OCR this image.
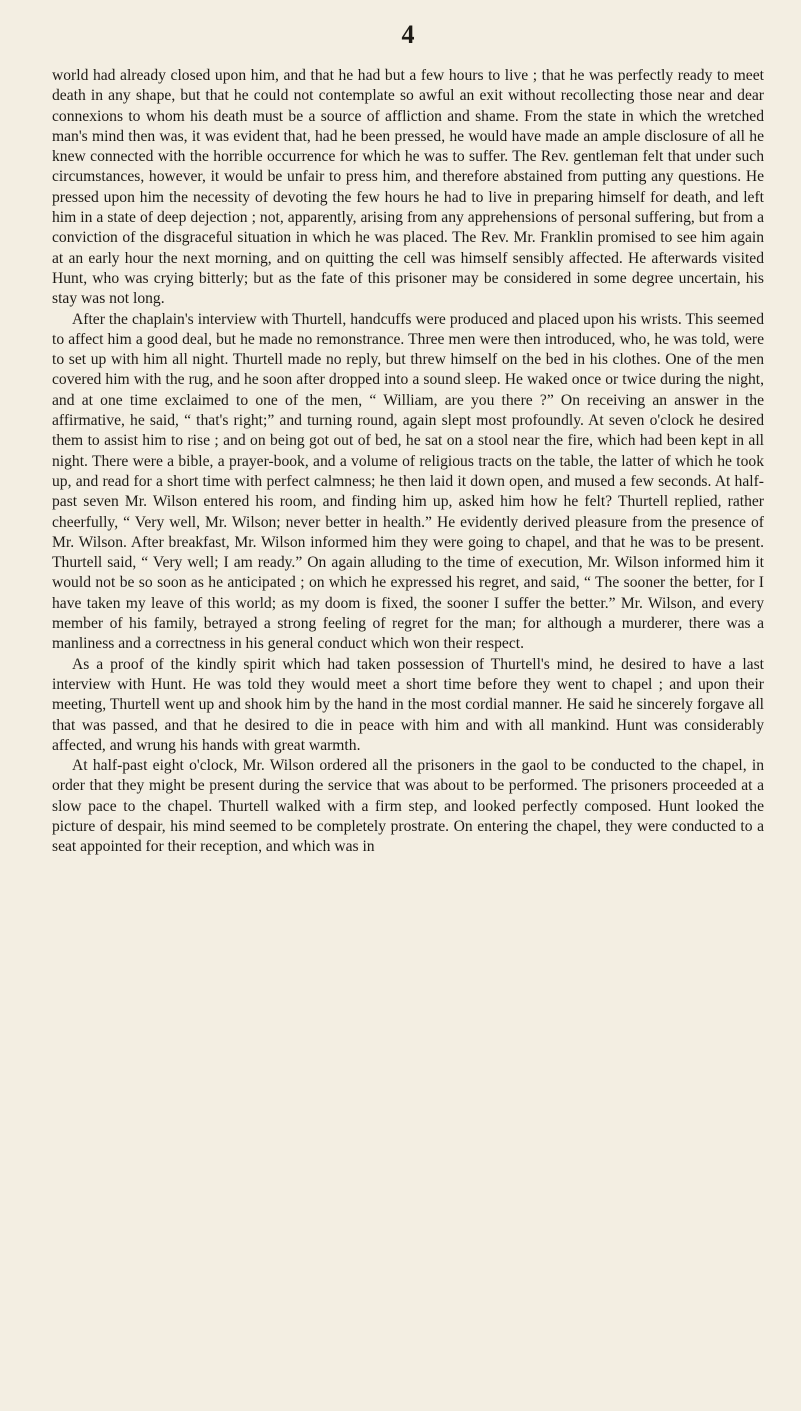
4

world had already closed upon him, and that he had but a few hours to live ; that he was perfectly ready to meet death in any shape, but that he could not contemplate so awful an exit without recollecting those near and dear connexions to whom his death must be a source of affliction and shame. From the state in which the wretched man's mind then was, it was evident that, had he been pressed, he would have made an ample disclosure of all he knew connected with the horrible occurrence for which he was to suffer. The Rev. gentleman felt that under such circumstances, however, it would be unfair to press him, and therefore abstained from putting any questions. He pressed upon him the necessity of devoting the few hours he had to live in preparing himself for death, and left him in a state of deep dejection ; not, apparently, arising from any apprehensions of personal suffering, but from a conviction of the disgraceful situation in which he was placed. The Rev. Mr. Franklin promised to see him again at an early hour the next morning, and on quitting the cell was himself sensibly affected. He afterwards visited Hunt, who was crying bitterly; but as the fate of this prisoner may be considered in some degree uncertain, his stay was not long.

After the chaplain's interview with Thurtell, handcuffs were produced and placed upon his wrists. This seemed to affect him a good deal, but he made no remonstrance. Three men were then introduced, who, he was told, were to set up with him all night. Thurtell made no reply, but threw himself on the bed in his clothes. One of the men covered him with the rug, and he soon after dropped into a sound sleep. He waked once or twice during the night, and at one time exclaimed to one of the men, “ William, are you there ?” On receiving an answer in the affirmative, he said, “ that's right;” and turning round, again slept most profoundly. At seven o'clock he desired them to assist him to rise ; and on being got out of bed, he sat on a stool near the fire, which had been kept in all night. There were a bible, a prayer-book, and a volume of religious tracts on the table, the latter of which he took up, and read for a short time with perfect calmness; he then laid it down open, and mused a few seconds. At half-past seven Mr. Wilson entered his room, and finding him up, asked him how he felt? Thurtell replied, rather cheerfully, “ Very well, Mr. Wilson; never better in health.” He evidently derived pleasure from the presence of Mr. Wilson. After breakfast, Mr. Wilson informed him they were going to chapel, and that he was to be present. Thurtell said, “ Very well; I am ready.” On again alluding to the time of execution, Mr. Wilson informed him it would not be so soon as he anticipated ; on which he expressed his regret, and said, “ The sooner the better, for I have taken my leave of this world; as my doom is fixed, the sooner I suffer the better.” Mr. Wilson, and every member of his family, betrayed a strong feeling of regret for the man; for although a murderer, there was a manliness and a correctness in his general conduct which won their respect.

As a proof of the kindly spirit which had taken possession of Thurtell's mind, he desired to have a last interview with Hunt. He was told they would meet a short time before they went to chapel ; and upon their meeting, Thurtell went up and shook him by the hand in the most cordial manner. He said he sincerely forgave all that was passed, and that he desired to die in peace with him and with all mankind. Hunt was considerably affected, and wrung his hands with great warmth.

At half-past eight o'clock, Mr. Wilson ordered all the prisoners in the gaol to be conducted to the chapel, in order that they might be present during the service that was about to be performed. The prisoners proceeded at a slow pace to the chapel. Thurtell walked with a firm step, and looked perfectly composed. Hunt looked the picture of despair, his mind seemed to be completely prostrate. On entering the chapel, they were conducted to a seat appointed for their reception, and which was in
